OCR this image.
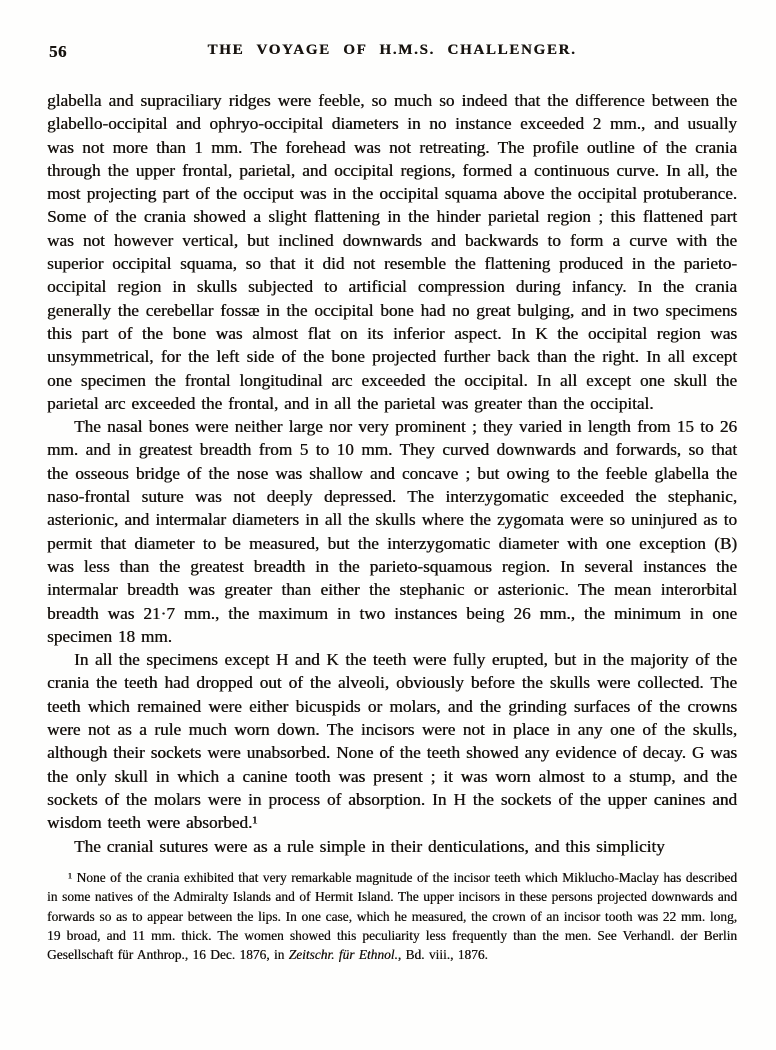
56	THE VOYAGE OF H.M.S. CHALLENGER.

glabella and supraciliary ridges were feeble, so much so indeed that the difference between the glabello-occipital and ophryo-occipital diameters in no instance exceeded 2 mm., and usually was not more than 1 mm. The forehead was not retreating. The profile outline of the crania through the upper frontal, parietal, and occipital regions, formed a continuous curve. In all, the most projecting part of the occiput was in the occipital squama above the occipital protuberance. Some of the crania showed a slight flattening in the hinder parietal region ; this flattened part was not however vertical, but inclined downwards and backwards to form a curve with the superior occipital squama, so that it did not resemble the flattening produced in the parieto-occipital region in skulls subjected to artificial compression during infancy. In the crania generally the cerebellar fossæ in the occipital bone had no great bulging, and in two specimens this part of the bone was almost flat on its inferior aspect. In K the occipital region was unsymmetrical, for the left side of the bone projected further back than the right. In all except one specimen the frontal longitudinal arc exceeded the occipital. In all except one skull the parietal arc exceeded the frontal, and in all the parietal was greater than the occipital.

The nasal bones were neither large nor very prominent ; they varied in length from 15 to 26 mm. and in greatest breadth from 5 to 10 mm. They curved downwards and forwards, so that the osseous bridge of the nose was shallow and concave ; but owing to the feeble glabella the naso-frontal suture was not deeply depressed. The interzygomatic exceeded the stephanic, asterionic, and intermalar diameters in all the skulls where the zygomata were so uninjured as to permit that diameter to be measured, but the interzygomatic diameter with one exception (B) was less than the greatest breadth in the parieto-squamous region. In several instances the intermalar breadth was greater than either the stephanic or asterionic. The mean interorbital breadth was 21·7 mm., the maximum in two instances being 26 mm., the minimum in one specimen 18 mm.

In all the specimens except H and K the teeth were fully erupted, but in the majority of the crania the teeth had dropped out of the alveoli, obviously before the skulls were collected. The teeth which remained were either bicuspids or molars, and the grinding surfaces of the crowns were not as a rule much worn down. The incisors were not in place in any one of the skulls, although their sockets were unabsorbed. None of the teeth showed any evidence of decay. G was the only skull in which a canine tooth was present ; it was worn almost to a stump, and the sockets of the molars were in process of absorption. In H the sockets of the upper canines and wisdom teeth were absorbed.¹

The cranial sutures were as a rule simple in their denticulations, and this simplicity

¹ None of the crania exhibited that very remarkable magnitude of the incisor teeth which Miklucho-Maclay has described in some natives of the Admiralty Islands and of Hermit Island. The upper incisors in these persons projected downwards and forwards so as to appear between the lips. In one case, which he measured, the crown of an incisor tooth was 22 mm. long, 19 broad, and 11 mm. thick. The women showed this peculiarity less frequently than the men. See Verhandl. der Berlin Gesellschaft für Anthrop., 16 Dec. 1876, in Zeitschr. für Ethnol., Bd. viii., 1876.
